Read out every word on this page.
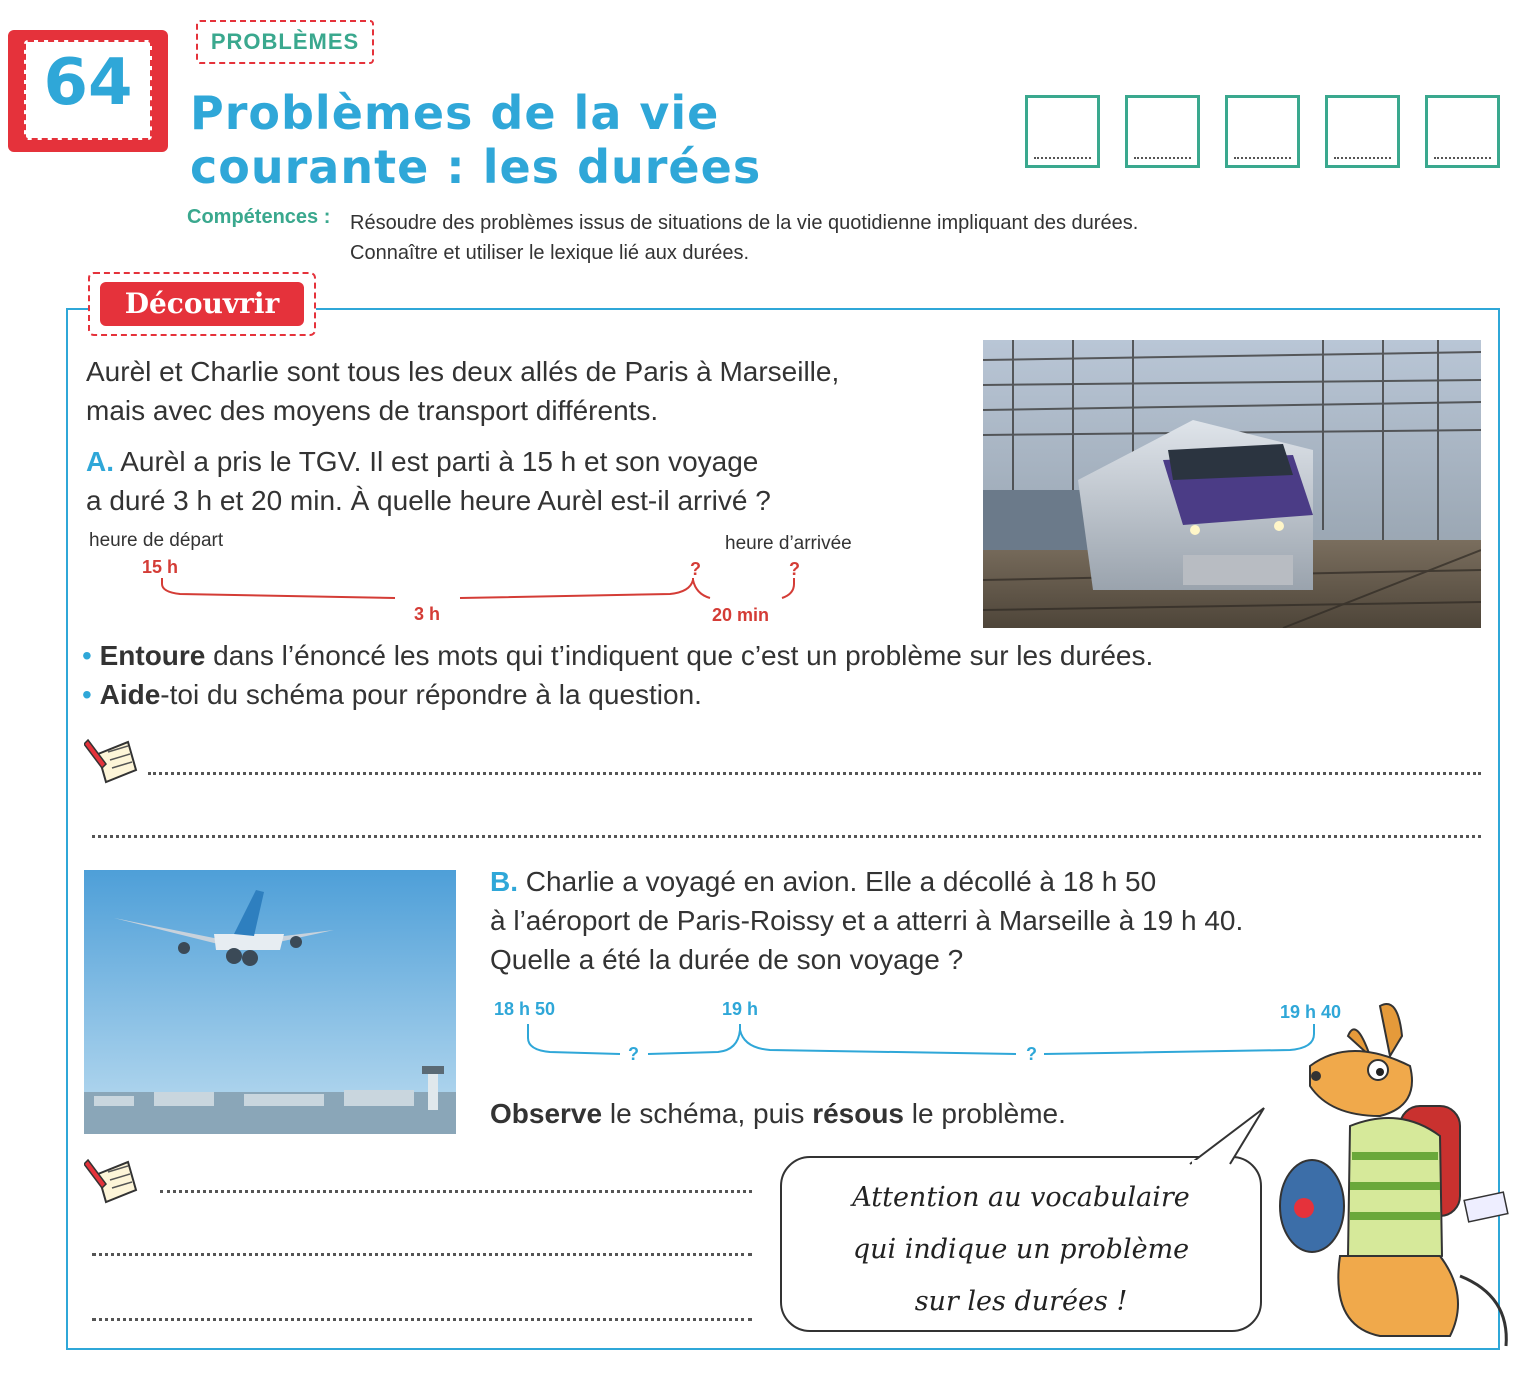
64
PROBLÈMES
Problèmes de la vie
courante : les durées
Compétences : Résoudre des problèmes issus de situations de la vie quotidienne impliquant des durées.
Connaître et utiliser le lexique lié aux durées.
Découvrir
Aurèl et Charlie sont tous les deux allés de Paris à Marseille,
mais avec des moyens de transport différents.
A. Aurèl a pris le TGV. Il est parti à 15 h et son voyage
a duré 3 h et 20 min. À quelle heure Aurèl est-il arrivé ?
heure de départ	heure d’arrivée
15 h	?	?
3 h	20 min
• Entoure dans l’énoncé les mots qui t’indiquent que c’est un problème sur les durées.
• Aide-toi du schéma pour répondre à la question.
B. Charlie a voyagé en avion. Elle a décollé à 18 h 50
à l’aéroport de Paris-Roissy et a atterri à Marseille à 19 h 40.
Quelle a été la durée de son voyage ?
18 h 50	19 h	19 h 40
?	?
Observe le schéma, puis résous le problème.
Attention au vocabulaire
qui indique un problème
sur les durées !
